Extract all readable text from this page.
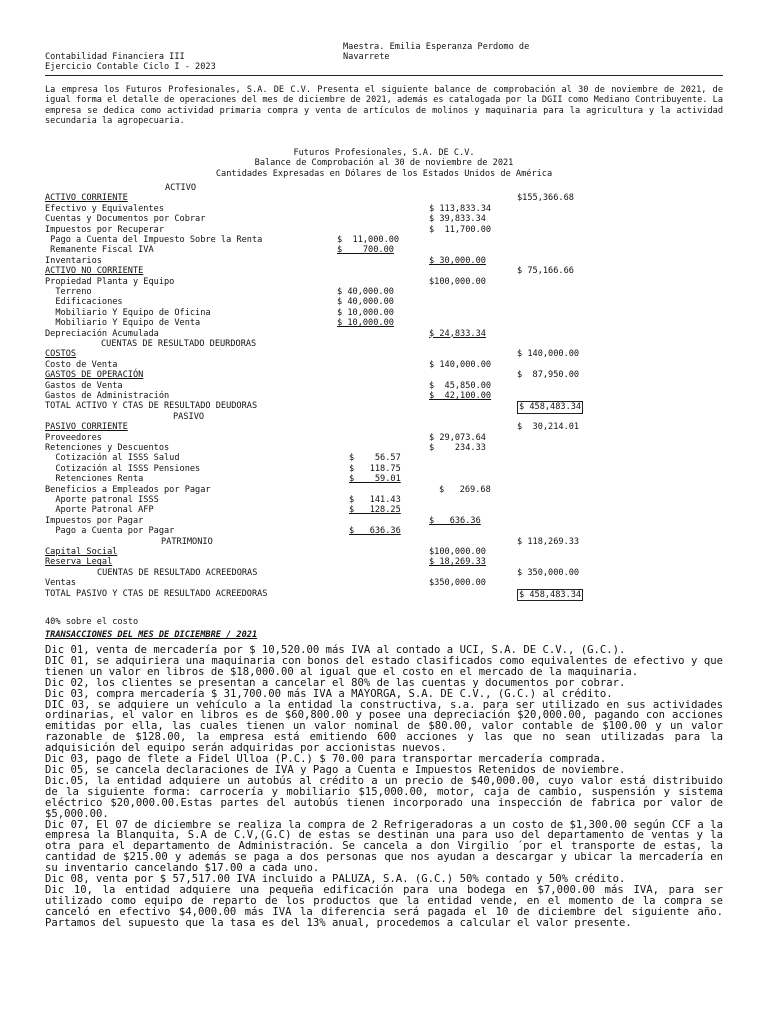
Contabilidad Financiera III
Ejercicio Contable Ciclo I - 2023
Maestra. Emilia Esperanza Perdomo de
Navarrete
La empresa los Futuros Profesionales, S.A. DE C.V. Presenta el siguiente balance de comprobación al 30 de noviembre de 2021, de igual forma el detalle de operaciones del mes de diciembre de 2021, además es catalogada por la DGII como Mediano Contribuyente. La empresa se dedica como actividad primaria compra y venta de artículos de molinos y maquinaria para la agricultura y la actividad secundaria la agropecuaria.
Futuros Profesionales, S.A. DE C.V.
Balance de Comprobación al 30 de noviembre de 2021
Cantidades Expresadas en Dólares de los Estados Unidos de América
ACTIVO
ACTIVO CORRIENTE	$155,366.68
Efectivo y Equivalentes	$ 113,833.34
Cuentas y Documentos por Cobrar	$ 39,833.34
Impuestos por Recuperar	$  11,700.00
Pago a Cuenta del Impuesto Sobre la Renta	$  11,000.00
Remanente Fiscal IVA	$    700.00
Inventarios	$ 30,000.00
ACTIVO NO CORRIENTE	$ 75,166.66
Propiedad Planta y Equipo	$100,000.00
Terreno	$ 40,000.00
Edificaciones	$ 40,000.00
Mobiliario Y Equipo de Oficina	$ 10,000.00
Mobiliario Y Equipo de Venta	$ 10,000.00
Depreciación Acumulada	$ 24,833.34
CUENTAS DE RESULTADO DEURDORAS
COSTOS	$ 140,000.00
Costo de Venta	$ 140,000.00
GASTOS DE OPERACIÓN	$  87,950.00
Gastos de Venta	$  45,850.00
Gastos de Administración	$  42,100.00
TOTAL ACTIVO Y CTAS DE RESULTADO DEUDORAS	$ 458,483.34
PASIVO
PASIVO CORRIENTE	$  30,214.01
Proveedores	$ 29,073.64
Retenciones y Descuentos	$    234.33
Cotización al ISSS Salud	$    56.57
Cotización al ISSS Pensiones	$   118.75
Retenciones Renta	$    59.01
Beneficios a Empleados por Pagar	$   269.68
Aporte patronal ISSS	$   141.43
Aporte Patronal AFP	$   128.25
Impuestos por Pagar	$   636.36
Pago a Cuenta por Pagar	$   636.36
PATRIMONIO	$ 118,269.33
Capital Social	$100,000.00
Reserva Legal	$ 18,269.33
CUENTAS DE RESULTADO ACREEDORAS	$ 350,000.00
Ventas	$350,000.00
TOTAL PASIVO Y CTAS DE RESULTADO ACREEDORAS	$ 458,483.34
40% sobre el costo
TRANSACCIONES DEL MES DE DICIEMBRE / 2021

Dic 01, venta de mercadería por $ 10,520.00 más IVA al contado a UCI, S.A. DE C.V., (G.C.).

DIC 01, se adquiriera una maquinaria con bonos del estado clasificados como equivalentes de efectivo y que tienen un valor en libros de $18,000.00 al igual que el costo en el mercado de la maquinaria.

Dic 02, los clientes se presentan a cancelar el 80% de las cuentas y documentos por cobrar.

Dic 03, compra mercadería $ 31,700.00 más IVA a MAYORGA, S.A. DE C.V., (G.C.) al crédito.

DIC 03, se adquiere un vehículo a la entidad la constructiva, s.a. para ser utilizado en sus actividades ordinarias, el valor en libros es de $60,800.00 y posee una depreciación $20,000.00, pagando con acciones emitidas por ella, las cuales tienen un valor nominal de $80.00, valor contable de $100.00 y un valor razonable de $128.00, la empresa está emitiendo 600 acciones y las que no sean utilizadas para la adquisición del equipo serán adquiridas por accionistas nuevos.

Dic 03, pago de flete a Fidel Ulloa (P.C.) $ 70.00 para transportar mercadería comprada.

Dic 05, se cancela declaraciones de IVA y Pago a Cuenta e Impuestos Retenidos de noviembre.

Dic.05, la entidad adquiere un autobús al crédito a un precio de $40,000.00, cuyo valor está distribuido de la siguiente forma: carrocería y mobiliario $15,000.00, motor, caja de cambio, suspensión y sistema eléctrico $20,000.00.Estas partes del autobús tienen incorporado una inspección de fabrica por valor de $5,000.00.

Dic 07, El 07 de diciembre se realiza la compra de 2 Refrigeradoras a un costo de $1,300.00 según CCF a la empresa la Blanquita, S.A de C.V,(G.C) de estas se destinan una para uso del departamento de ventas y la otra para el departamento de Administración. Se cancela a don Virgilio ´por el transporte de estas, la cantidad de $215.00 y además se paga a dos personas que nos ayudan a descargar y ubicar la mercadería en su inventario cancelando $17.00 a cada uno.

Dic 08, venta por $ 57,517.00 IVA incluido a PALUZA, S.A. (G.C.) 50% contado y 50% crédito.

Dic 10, la entidad adquiere una pequeña edificación para una bodega en $7,000.00 más IVA, para ser utilizado como equipo de reparto de los productos que la entidad vende, en el momento de la compra se canceló en efectivo $4,000.00 más IVA la diferencia será pagada el 10 de diciembre del siguiente año. Partamos del supuesto que la tasa es del 13% anual, procedemos a calcular el valor presente.
